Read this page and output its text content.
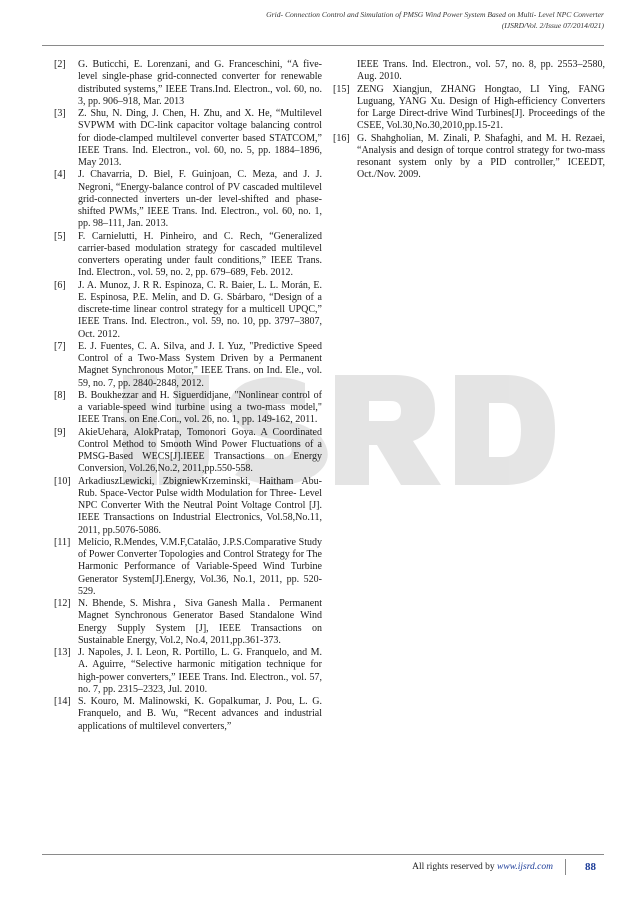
Grid- Connection Control and Simulation of PMSG Wind Power System Based on Multi- Level NPC Converter
(IJSRD/Vol. 2/Issue 07/2014/021)
[2]	G. Buticchi, E. Lorenzani, and G. Franceschini, “A five-level single-phase grid-connected converter for renewable distributed systems,” IEEE Trans.Ind. Electron., vol. 60, no. 3, pp. 906–918, Mar. 2013
[3]	Z. Shu, N. Ding, J. Chen, H. Zhu, and X. He, “Multilevel SVPWM with DC-link capacitor voltage balancing control for diode-clamped multilevel converter based STATCOM,” IEEE Trans. Ind. Electron., vol. 60, no. 5, pp. 1884–1896, May 2013.
[4]	J. Chavarria, D. Biel, F. Guinjoan, C. Meza, and J. J. Negroni, “Energy-balance control of PV cascaded multilevel grid-connected inverters un-der level-shifted and phase-shifted PWMs,” IEEE Trans. Ind. Electron., vol. 60, no. 1, pp. 98–111, Jan. 2013.
[5]	F. Carnielutti, H. Pinheiro, and C. Rech, “Generalized carrier-based modulation strategy for cascaded multilevel converters operating under fault conditions,” IEEE Trans. Ind. Electron., vol. 59, no. 2, pp. 679–689, Feb. 2012.
[6]	J. A. Munoz, J. R R. Espinoza, C. R. Baier, L. L. Morán, E. E. Espinosa, P.E. Melín, and D. G. Sbárbaro, “Design of a discrete-time linear control strategy for a multicell UPQC,” IEEE Trans. Ind. Electron., vol. 59, no. 10, pp. 3797–3807, Oct. 2012.
[7]	E. J. Fuentes, C. A. Silva, and J. I. Yuz, "Predictive Speed Control of a Two-Mass System Driven by a Permanent Magnet Synchronous Motor," IEEE Trans. on Ind. Ele., vol. 59, no. 7, pp. 2840-2848, 2012.
[8]	B. Boukhezzar and H. Siguerdidjane, "Nonlinear control of a variable-speed wind turbine using a two-mass model," IEEE Trans. on Ene.Con., vol. 26, no. 1, pp. 149-162, 2011.
[9]	AkieUehara, AlokPratap, Tomonori Goya. A Coordinated Control Method to Smooth Wind Power Fluctuations of a PMSG-Based WECS[J].IEEE Transactions on Energy Conversion, Vol.26,No.2, 2011,pp.550-558.
[10] ArkadiuszLewicki, ZbigniewKrzeminski, Haitham Abu- Rub. Space-Vector Pulse width Modulation for Three- Level NPC Converter With the Neutral Point Voltage Control [J]. IEEE Transactions on Industrial Electronics, Vol.58,No.11, 2011, pp.5076-5086.
[11] Melício, R.Mendes, V.M.F,Catalão, J.P.S.Comparative Study of Power Converter Topologies and Control Strategy for The Harmonic Performance of Variable-Speed Wind Turbine Generator System[J].Energy, Vol.36, No.1, 2011, pp. 520-529.
[12] N. Bhende, S. Mishra，Siva Ganesh Malla．Permanent Magnet Synchronous Generator Based Standalone Wind Energy Supply System [J], IEEE Transactions on Sustainable Energy, Vol.2, No.4, 2011,pp.361-373.
[13] J. Napoles, J. I. Leon, R. Portillo, L. G. Franquelo, and M. A. Aguirre, “Selective harmonic mitigation technique for high-power converters,” IEEE Trans. Ind. Electron., vol. 57, no. 7, pp. 2315–2323, Jul. 2010.
[14] S. Kouro, M. Malinowski, K. Gopalkumar, J. Pou, L. G. Franquelo, and B. Wu, “Recent advances and industrial applications of multilevel converters,”
IEEE Trans. Ind. Electron., vol. 57, no. 8, pp. 2553–2580, Aug. 2010.
[15] ZENG Xiangjun, ZHANG Hongtao, LI Ying, FANG Luguang, YANG Xu. Design of High-efficiency Converters for Large Direct-drive Wind Turbines[J]. Proceedings of the CSEE, Vol.30,No.30,2010,pp.15-21.
[16] G. Shahgholian, M. Zinali, P. Shafaghi, and M. H. Rezaei, “Analysis and design of torque control strategy for two-mass resonant system only by a PID controller,” ICEEDT, Oct./Nov. 2009.
All rights reserved by www.ijsrd.com	88
